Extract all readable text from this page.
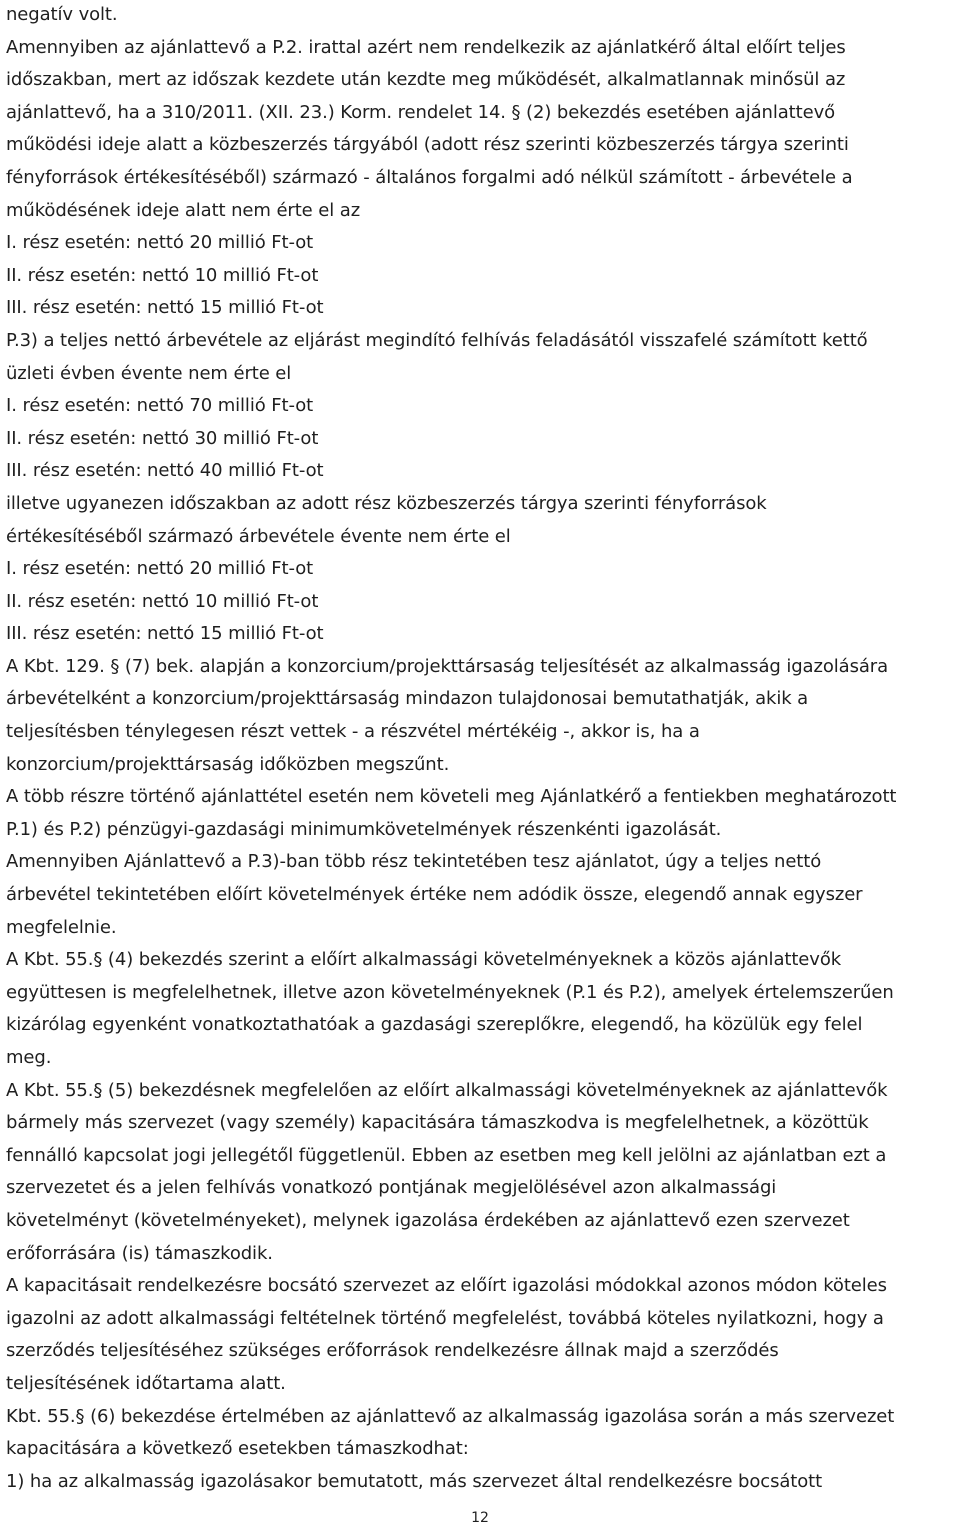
negatív volt.
Amennyiben az ajánlattevő a P.2. irattal azért nem rendelkezik az ajánlatkérő által előírt teljes
időszakban, mert az időszak kezdete után kezdte meg működését, alkalmatlannak minősül az
ajánlattevő, ha a 310/2011. (XII. 23.) Korm. rendelet 14. § (2) bekezdés esetében ajánlattevő
működési ideje alatt a közbeszerzés tárgyából (adott rész szerinti közbeszerzés tárgya szerinti
fényforrások értékesítéséből) származó - általános forgalmi adó nélkül számított - árbevétele a
működésének ideje alatt nem érte el az
I. rész esetén: nettó 20 millió Ft-ot
II. rész esetén: nettó 10 millió Ft-ot
III. rész esetén: nettó 15 millió Ft-ot
P.3) a teljes nettó árbevétele az eljárást megindító felhívás feladásától visszafelé számított kettő
üzleti évben évente nem érte el
I. rész esetén: nettó 70 millió Ft-ot
II. rész esetén: nettó 30 millió Ft-ot
III. rész esetén: nettó 40 millió Ft-ot
illetve ugyanezen időszakban az adott rész közbeszerzés tárgya szerinti fényforrások
értékesítéséből származó árbevétele évente nem érte el
I. rész esetén: nettó 20 millió Ft-ot
II. rész esetén: nettó 10 millió Ft-ot
III. rész esetén: nettó 15 millió Ft-ot
A Kbt. 129. § (7) bek. alapján a konzorcium/projekttársaság teljesítését az alkalmasság igazolására
árbevételként a konzorcium/projekttársaság mindazon tulajdonosai bemutathatják, akik a
teljesítésben ténylegesen részt vettek - a részvétel mértékéig -, akkor is, ha a
konzorcium/projekttársaság időközben megszűnt.
A több részre történő ajánlattétel esetén nem követeli meg Ajánlatkérő a fentiekben meghatározott
P.1) és P.2) pénzügyi-gazdasági minimumkövetelmények részenkénti igazolását.
Amennyiben Ajánlattevő a P.3)-ban több rész tekintetében tesz ajánlatot, úgy a teljes nettó
árbevétel tekintetében előírt követelmények értéke nem adódik össze, elegendő annak egyszer
megfelelnie.
A Kbt. 55.§ (4) bekezdés szerint a előírt alkalmassági követelményeknek a közös ajánlattevők
együttesen is megfelelhetnek, illetve azon követelményeknek (P.1 és P.2), amelyek értelemszerűen
kizárólag egyenként vonatkoztathatóak a gazdasági szereplőkre, elegendő, ha közülük egy felel
meg.
A Kbt. 55.§ (5) bekezdésnek megfelelően az előírt alkalmassági követelményeknek az ajánlattevők
bármely más szervezet (vagy személy) kapacitására támaszkodva is megfelelhetnek, a közöttük
fennálló kapcsolat jogi jellegétől függetlenül. Ebben az esetben meg kell jelölni az ajánlatban ezt a
szervezetet és a jelen felhívás vonatkozó pontjának megjelölésével azon alkalmassági
követelményt (követelményeket), melynek igazolása érdekében az ajánlattevő ezen szervezet
erőforrására (is) támaszkodik.
A kapacitásait rendelkezésre bocsátó szervezet az előírt igazolási módokkal azonos módon köteles
igazolni az adott alkalmassági feltételnek történő megfelelést, továbbá köteles nyilatkozni, hogy a
szerződés teljesítéséhez szükséges erőforrások rendelkezésre állnak majd a szerződés
teljesítésének időtartama alatt.
Kbt. 55.§ (6) bekezdése értelmében az ajánlattevő az alkalmasság igazolása során a más szervezet
kapacitására a következő esetekben támaszkodhat:
1) ha az alkalmasság igazolásakor bemutatott, más szervezet által rendelkezésre bocsátott
12
